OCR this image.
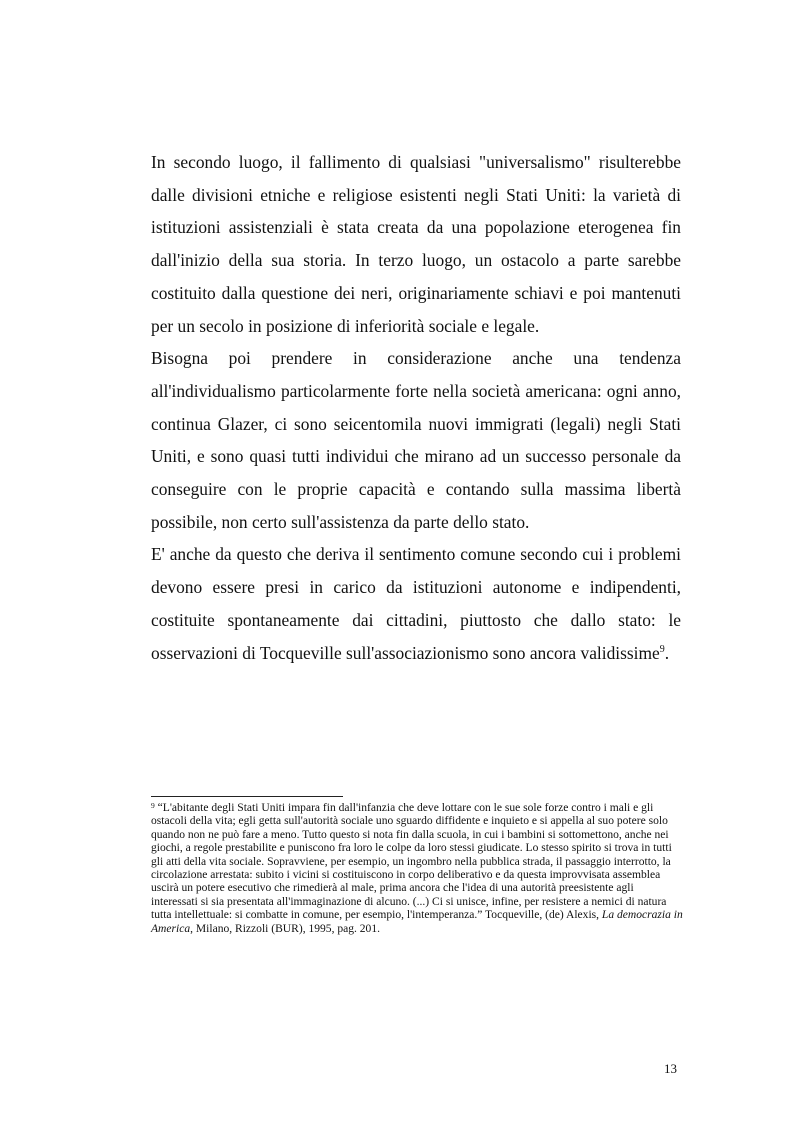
In secondo luogo, il fallimento di qualsiasi "universalismo" risulterebbe dalle divisioni etniche e religiose esistenti negli Stati Uniti: la varietà di istituzioni assistenziali è stata creata da una popolazione eterogenea fin dall'inizio della sua storia. In terzo luogo, un ostacolo a parte sarebbe costituito dalla questione dei neri, originariamente schiavi e poi mantenuti per un secolo in posizione di inferiorità sociale e legale.

Bisogna poi prendere in considerazione anche una tendenza all'individualismo particolarmente forte nella società americana: ogni anno, continua Glazer, ci sono seicentomila nuovi immigrati (legali) negli Stati Uniti, e sono quasi tutti individui che mirano ad un successo personale da conseguire con le proprie capacità e contando sulla massima libertà possibile, non certo sull'assistenza da parte dello stato.

E' anche da questo che deriva il sentimento comune secondo cui i problemi devono essere presi in carico da istituzioni autonome e indipendenti, costituite spontaneamente dai cittadini, piuttosto che dallo stato: le osservazioni di Tocqueville sull'associazionismo sono ancora validissime$^9$.

$^9$ “L'abitante degli Stati Uniti impara fin dall'infanzia che deve lottare con le sue sole forze contro i mali e gli ostacoli della vita; egli getta sull'autorità sociale uno sguardo diffidente e inquieto e si appella al suo potere solo quando non ne può fare a meno. Tutto questo si nota fin dalla scuola, in cui i bambini si sottomettono, anche nei giochi, a regole prestabilite e puniscono fra loro le colpe da loro stessi giudicate. Lo stesso spirito si trova in tutti gli atti della vita sociale. Sopravviene, per esempio, un ingombro nella pubblica strada, il passaggio interrotto, la circolazione arrestata: subito i vicini si costituiscono in corpo deliberativo e da questa improvvisata assemblea uscirà un potere esecutivo che rimedierà al male, prima ancora che l'idea di una autorità preesistente agli interessati si sia presentata all'immaginazione di alcuno. (...) Ci si unisce, infine, per resistere a nemici di natura tutta intellettuale: si combatte in comune, per esempio, l'intemperanza.” Tocqueville, (de) Alexis, La democrazia in America, Milano, Rizzoli (BUR), 1995, pag. 201.

13
